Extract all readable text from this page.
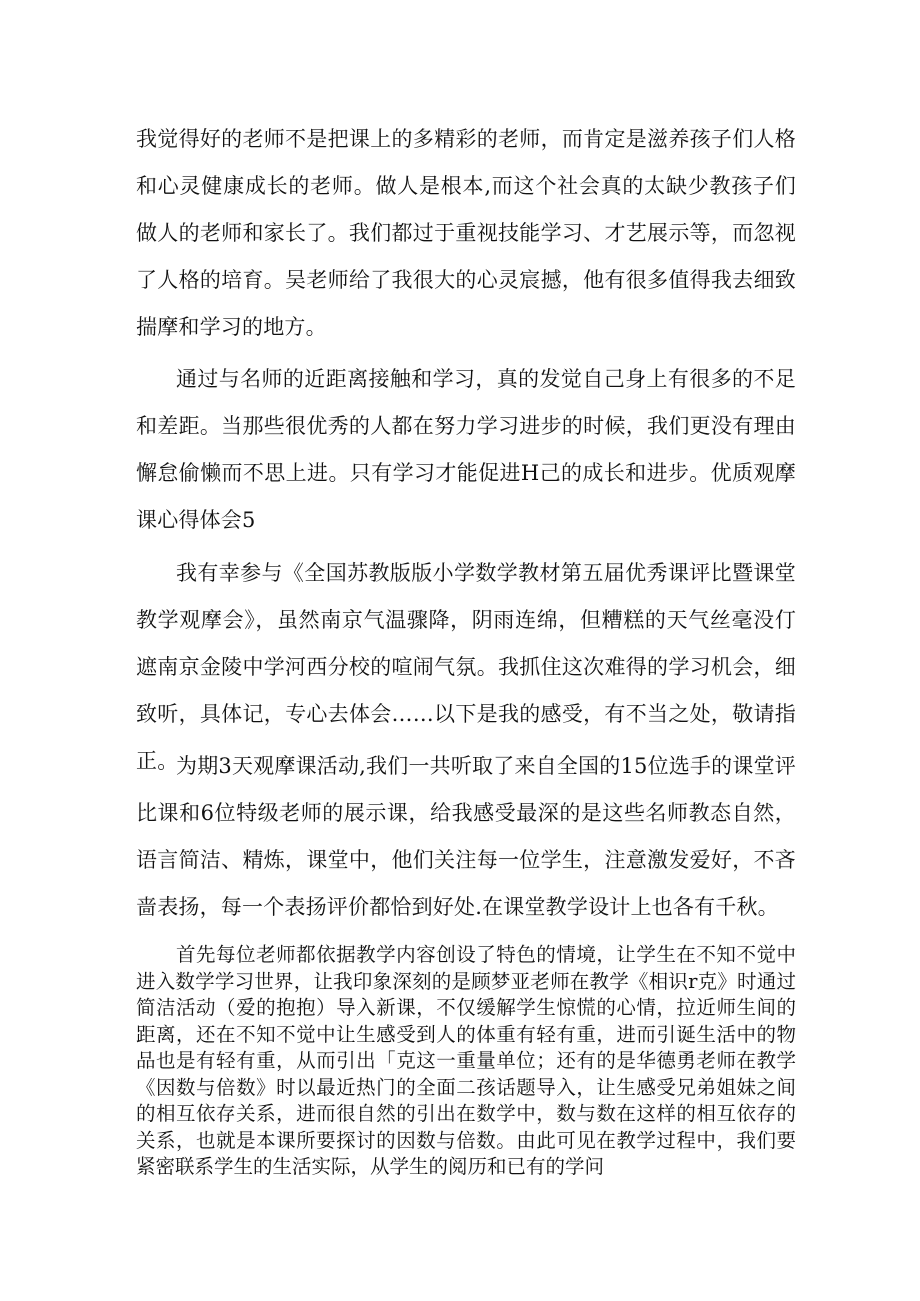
我觉得好的老师不是把课上的多精彩的老师，而肯定是滋养孩子们人格和心灵健康成长的老师。做人是根本,而这个社会真的太缺少教孩子们做人的老师和家长了。我们都过于重视技能学习、才艺展示等，而忽视了人格的培育。吴老师给了我很大的心灵宸撼，他有很多值得我去细致揣摩和学习的地方。

通过与名师的近距离接触和学习，真的发觉自己身上有很多的不足和差距。当那些很优秀的人都在努力学习进步的时候，我们更没有理由懈怠偷懒而不思上进。只有学习才能促进H己的成长和进步。优质观摩课心得体会5

我有幸参与《全国苏教版版小学数学教材第五届优秀课评比暨课堂教学观摩会》，虽然南京气温骤降，阴雨连绵，但糟糕的天气丝毫没仃遮南京金陵中学河西分校的喧闹气氛。我抓住这次难得的学习机会，细致听，具体记，专心去体会……以下是我的感受，有不当之处，敬请指正。

为期3天观摩课活动,我们一共听取了来自全国的15位选手的课堂评比课和6位特级老师的展示课，给我感受最深的是这些名师教态自然，语言简洁、精炼，课堂中，他们关注每一位学生，注意激发爱好，不吝啬表扬，每一个表扬评价都恰到好处.在课堂教学设计上也各有千秋。

首先每位老师都依据教学内容创设了特色的情境，让学生在不知不觉中进入数学学习世界，让我印象深刻的是顾梦亚老师在教学《相识r克》时通过简洁活动（爱的抱抱）导入新课，不仅缓解学生惊慌的心情，拉近师生间的距离，还在不知不觉中让生感受到人的体重有轻有重，进而引诞生活中的物品也是有轻有重，从而引出「克这一重量单位；还有的是华德勇老师在教学《因数与倍数》时以最近热门的全面二孩话题导入，让生感受兄弟姐妹之间的相互依存关系，进而很自然的引出在数学中，数与数在这样的相互依存的关系，也就是本课所要探讨的因数与倍数。由此可见在教学过程中，我们要紧密联系学生的生活实际，从学生的阅历和已有的学问
